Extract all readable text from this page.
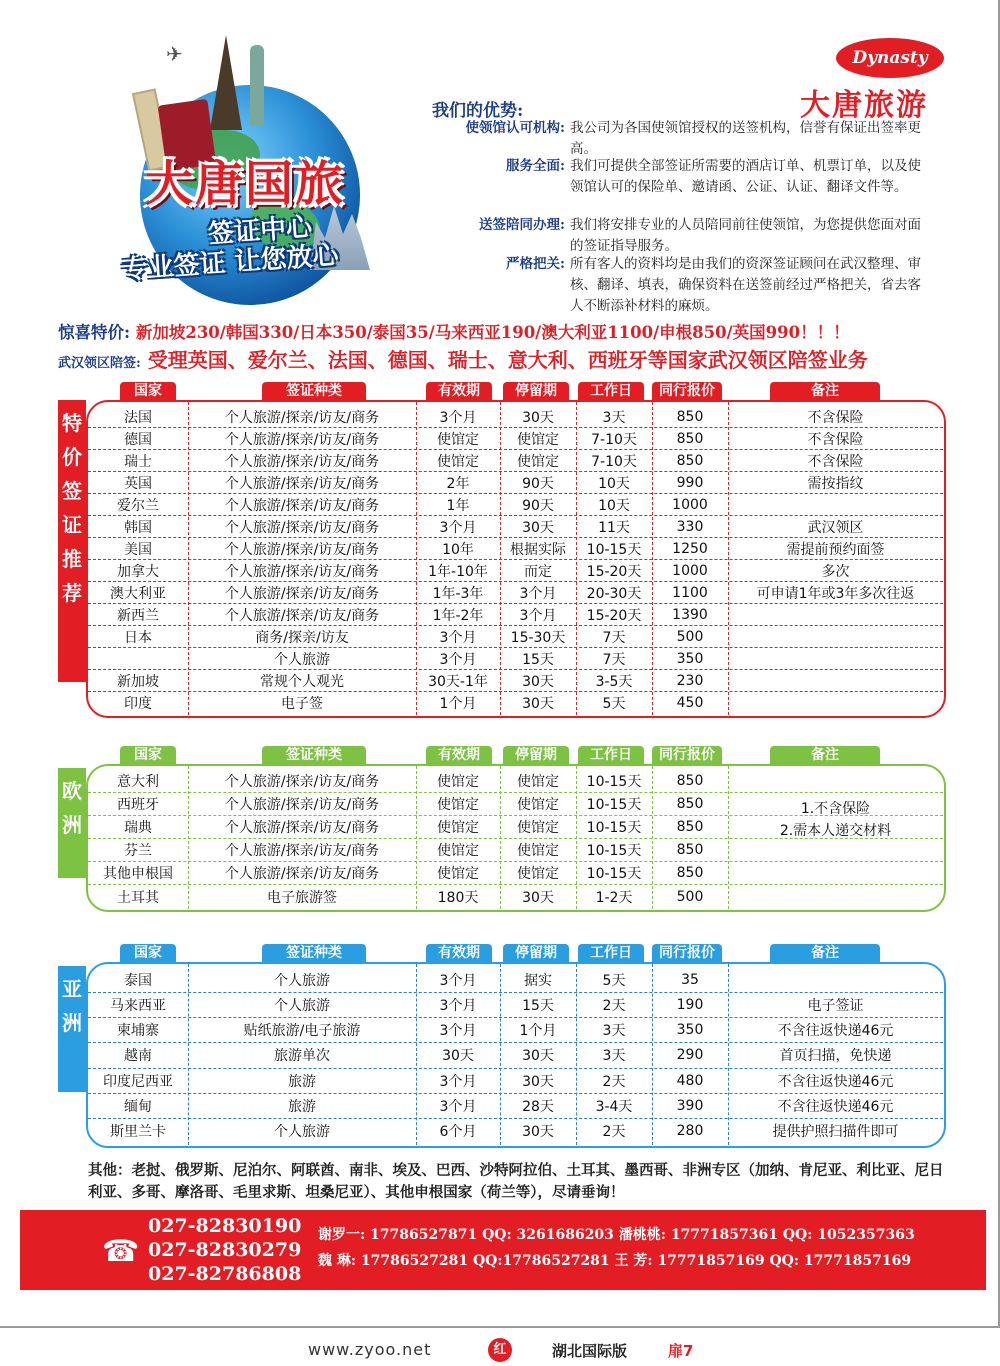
✈
大唐国旅
签证中心
专业签证 让您放心
Dynasty
大唐旅游
我们的优势:
使领馆认可机构: 我公司为各国使领馆授权的送签机构，信誉有保证出签率更高。
服务全面: 我们可提供全部签证所需要的酒店订单、机票订单，以及使领馆认可的保险单、邀请函、公证、认证、翻译文件等。
送签陪同办理: 我们将安排专业的人员陪同前往使领馆，为您提供您面对面的签证指导服务。
严格把关: 所有客人的资料均是由我们的资深签证顾问在武汉整理、审核、翻译、填表，确保资料在送签前经过严格把关，省去客人不断添补材料的麻烦。
惊喜特价: 新加坡230/韩国330/日本350/泰国35/马来西亚190/澳大利亚1100/申根850/英国990！！！
武汉领区陪签: 受理英国、爱尔兰、法国、德国、瑞士、意大利、西班牙等国家武汉领区陪签业务
国家	签证种类	有效期	停留期	工作日	同行报价	备注
特
价
签
证
推
荐
法国	个人旅游/探亲/访友/商务	3个月	30天	3天	850	不含保险
德国	个人旅游/探亲/访友/商务	使馆定	使馆定	7-10天	850	不含保险
瑞士	个人旅游/探亲/访友/商务	使馆定	使馆定	7-10天	850	不含保险
英国	个人旅游/探亲/访友/商务	2年	90天	10天	990	需按指纹
爱尔兰	个人旅游/探亲/访友/商务	1年	90天	10天	1000
韩国	个人旅游/探亲/访友/商务	3个月	30天	11天	330	武汉领区
美国	个人旅游/探亲/访友/商务	10年	根据实际	10-15天	1250	需提前预约面签
加拿大	个人旅游/探亲/访友/商务	1年-10年	而定	15-20天	1000	多次
澳大利亚	个人旅游/探亲/访友/商务	1年-3年	3个月	20-30天	1100	可申请1年或3年多次往返
新西兰	个人旅游/探亲/访友/商务	1年-2年	3个月	15-20天	1390
日本	商务/探亲/访友	3个月	15-30天	7天	500
个人旅游	3个月	15天	7天	350
新加坡	常规个人观光	30天-1年	30天	3-5天	230
印度	电子签	1个月	30天	5天	450
国家	签证种类	有效期	停留期	工作日	同行报价	备注
欧
洲
意大利	个人旅游/探亲/访友/商务	使馆定	使馆定	10-15天	850
西班牙	个人旅游/探亲/访友/商务	使馆定	使馆定	10-15天	850
瑞典	个人旅游/探亲/访友/商务	使馆定	使馆定	10-15天	850
芬兰	个人旅游/探亲/访友/商务	使馆定	使馆定	10-15天	850
其他申根国	个人旅游/探亲/访友/商务	使馆定	使馆定	10-15天	850
土耳其	电子旅游签	180天	30天	1-2天	500
1.不含保险
2.需本人递交材料
国家	签证种类	有效期	停留期	工作日	同行报价	备注
亚
洲
泰国	个人旅游	3个月	据实	5天	35
马来西亚	个人旅游	3个月	15天	2天	190	电子签证
柬埔寨	贴纸旅游/电子旅游	3个月	1个月	3天	350	不含往返快递46元
越南	旅游单次	30天	30天	3天	290	首页扫描，免快递
印度尼西亚	旅游	3个月	30天	2天	480	不含往返快递46元
缅甸	旅游	3个月	28天	3-4天	390	不含往返快递46元
斯里兰卡	个人旅游	6个月	30天	2天	280	提供护照扫描件即可
其他：老挝、俄罗斯、尼泊尔、阿联酋、南非、埃及、巴西、沙特阿拉伯、土耳其、墨西哥、非洲专区（加纳、肯尼亚、利比亚、尼日利亚、多哥、摩洛哥、毛里求斯、坦桑尼亚）、其他申根国家（荷兰等），尽请垂询！
☎
027-82830190
027-82830279
027-82786808
谢罗一: 17786527871 QQ: 3261686203 潘桃桃: 17771857361 QQ: 1052357363
魏 琳: 17786527281 QQ:17786527281 王 芳: 17771857169 QQ: 17771857169
www.zyoo.net	红	湖北国际版	扉7
